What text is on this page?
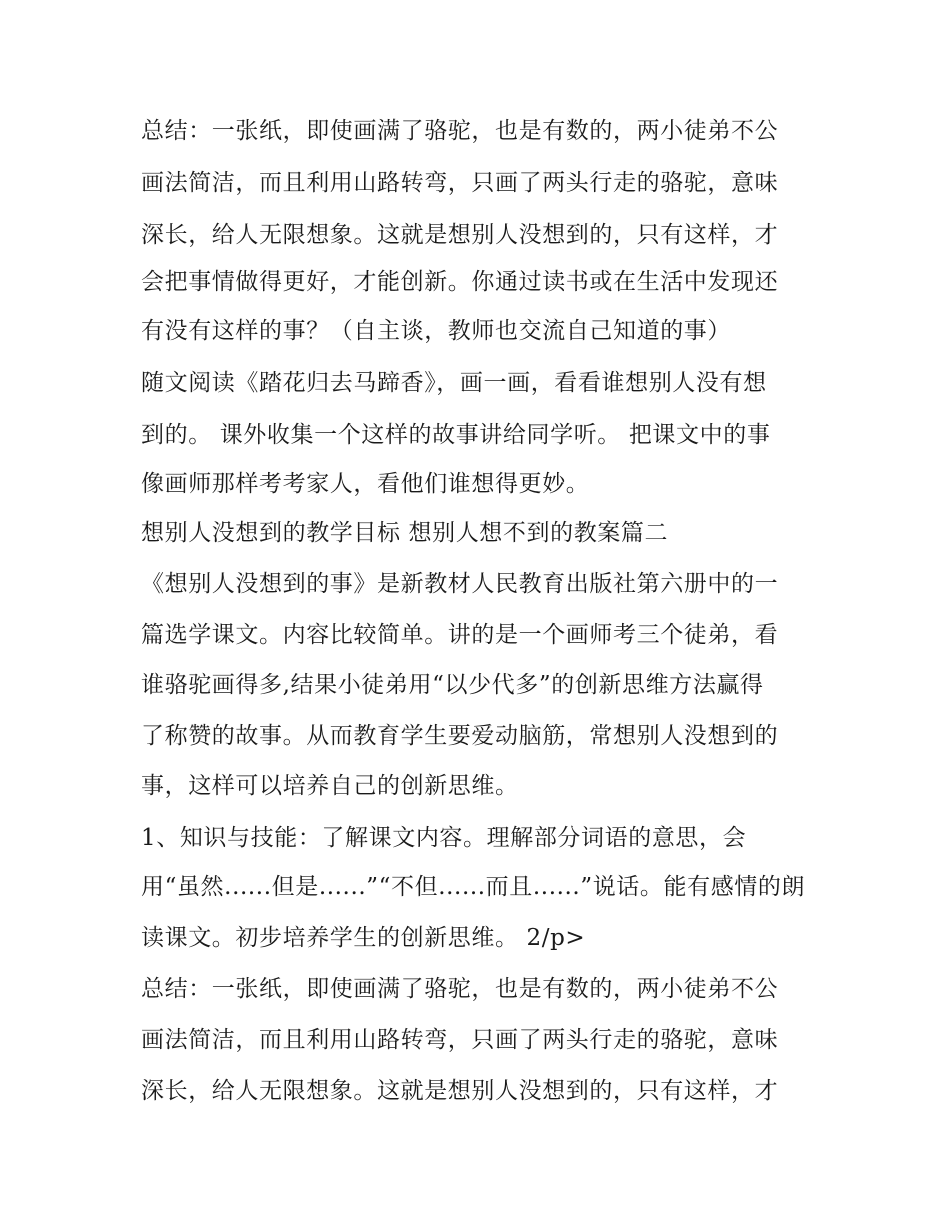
总结：一张纸，即使画满了骆驼，也是有数的，两小徒弟不公
画法简洁，而且利用山路转弯，只画了两头行走的骆驼，意味
深长，给人无限想象。这就是想别人没想到的，只有这样，才
会把事情做得更好，才能创新。你通过读书或在生活中发现还
有没有这样的事？（自主谈，教师也交流自己知道的事）
随文阅读《踏花归去马蹄香》，画一画，看看谁想别人没有想
到的。 课外收集一个这样的故事讲给同学听。 把课文中的事
像画师那样考考家人，看他们谁想得更妙。
想别人没想到的教学目标 想别人想不到的教案篇二
《想别人没想到的事》是新教材人民教育出版社第六册中的一
篇选学课文。内容比较简单。讲的是一个画师考三个徒弟，看
谁骆驼画得多,结果小徒弟用“以少代多”的创新思维方法赢得
了称赞的故事。从而教育学生要爱动脑筋，常想别人没想到的
事，这样可以培养自己的创新思维。
1、知识与技能：了解课文内容。理解部分词语的意思，会
用“虽然......但是......”“不但......而且......”说话。能有感情的朗
读课文。初步培养学生的创新思维。 2/p>
总结：一张纸，即使画满了骆驼，也是有数的，两小徒弟不公
画法简洁，而且利用山路转弯，只画了两头行走的骆驼，意味
深长，给人无限想象。这就是想别人没想到的，只有这样，才
